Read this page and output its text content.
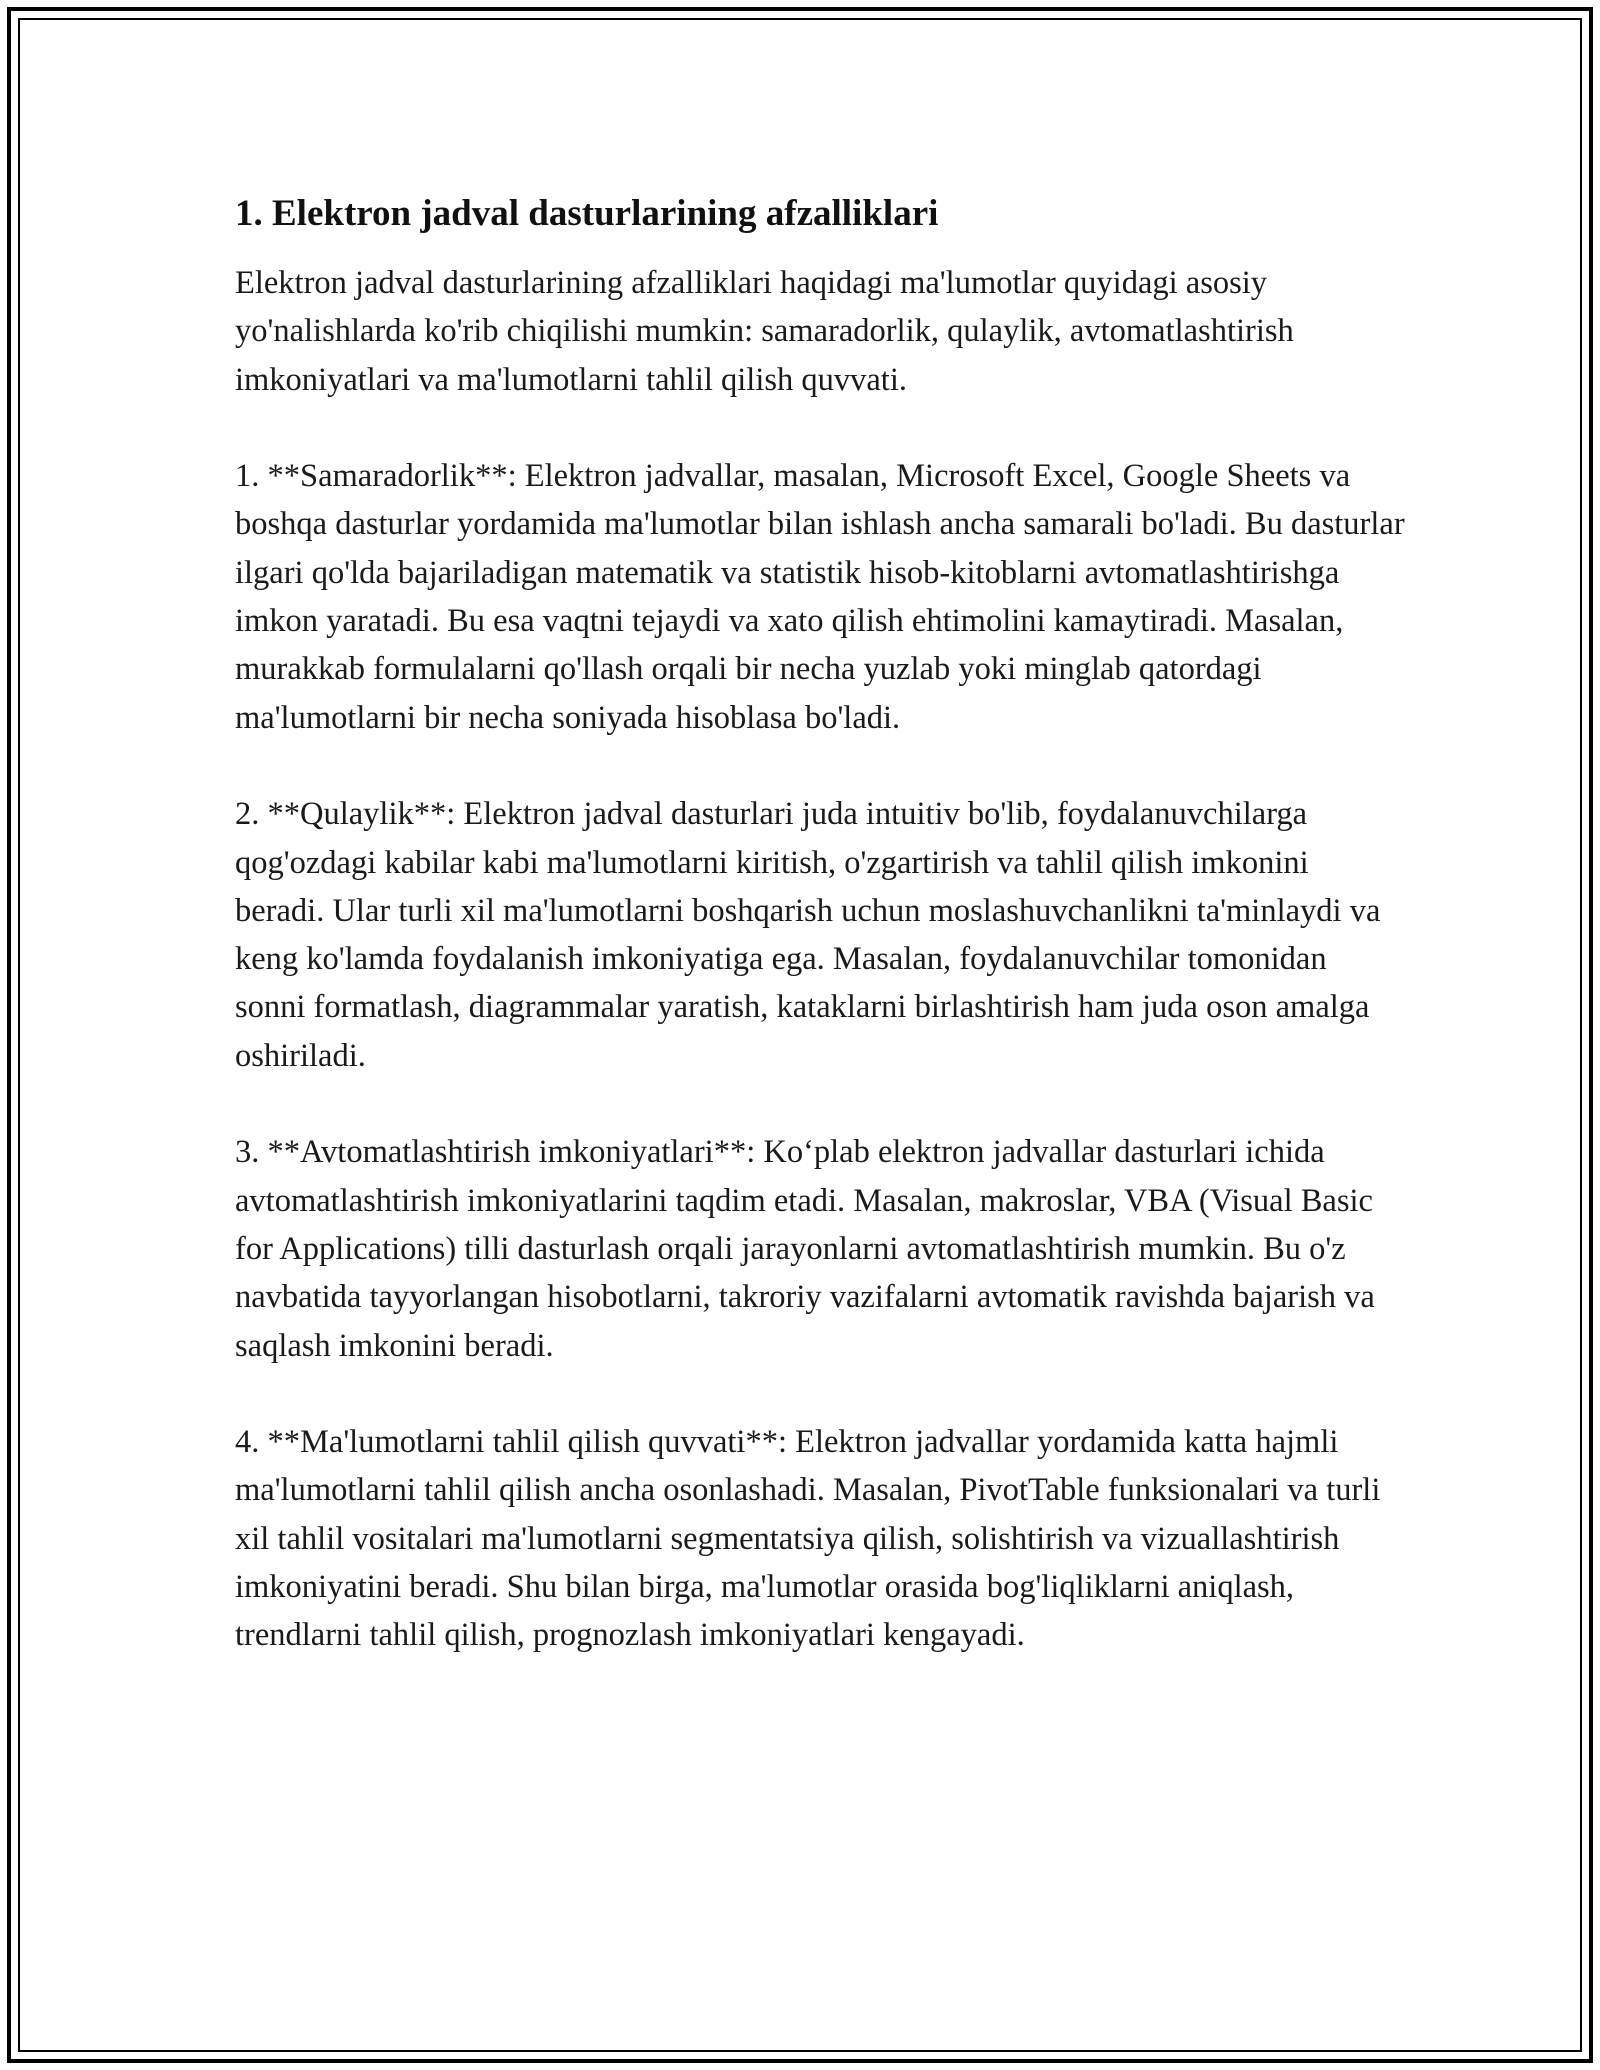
1. Elektron jadval dasturlarining afzalliklari

Elektron jadval dasturlarining afzalliklari haqidagi ma'lumotlar quyidagi asosiy yo'nalishlarda ko'rib chiqilishi mumkin: samaradorlik, qulaylik, avtomatlashtirish imkoniyatlari va ma'lumotlarni tahlil qilish quvvati.

1. **Samaradorlik**: Elektron jadvallar, masalan, Microsoft Excel, Google Sheets va boshqa dasturlar yordamida ma'lumotlar bilan ishlash ancha samarali bo'ladi. Bu dasturlar ilgari qo'lda bajariladigan matematik va statistik hisob-kitoblarni avtomatlashtirishga imkon yaratadi. Bu esa vaqtni tejaydi va xato qilish ehtimolini kamaytiradi. Masalan, murakkab formulalarni qo'llash orqali bir necha yuzlab yoki minglab qatordagi ma'lumotlarni bir necha soniyada hisoblasa bo'ladi.

2. **Qulaylik**: Elektron jadval dasturlari juda intuitiv bo'lib, foydalanuvchilarga qog'ozdagi kabilar kabi ma'lumotlarni kiritish, o'zgartirish va tahlil qilish imkonini beradi. Ular turli xil ma'lumotlarni boshqarish uchun moslashuvchanlikni ta'minlaydi va keng ko'lamda foydalanish imkoniyatiga ega. Masalan, foydalanuvchilar tomonidan sonni formatlash, diagrammalar yaratish, kataklarni birlashtirish ham juda oson amalga oshiriladi.

3. **Avtomatlashtirish imkoniyatlari**: Ko‘plab elektron jadvallar dasturlari ichida avtomatlashtirish imkoniyatlarini taqdim etadi. Masalan, makroslar, VBA (Visual Basic for Applications) tilli dasturlash orqali jarayonlarni avtomatlashtirish mumkin. Bu o'z navbatida tayyorlangan hisobotlarni, takroriy vazifalarni avtomatik ravishda bajarish va saqlash imkonini beradi.

4. **Ma'lumotlarni tahlil qilish quvvati**: Elektron jadvallar yordamida katta hajmli ma'lumotlarni tahlil qilish ancha osonlashadi. Masalan, PivotTable funksionalari va turli xil tahlil vositalari ma'lumotlarni segmentatsiya qilish, solishtirish va vizuallashtirish imkoniyatini beradi. Shu bilan birga, ma'lumotlar orasida bog'liqliklarni aniqlash, trendlarni tahlil qilish, prognozlash imkoniyatlari kengayadi.
